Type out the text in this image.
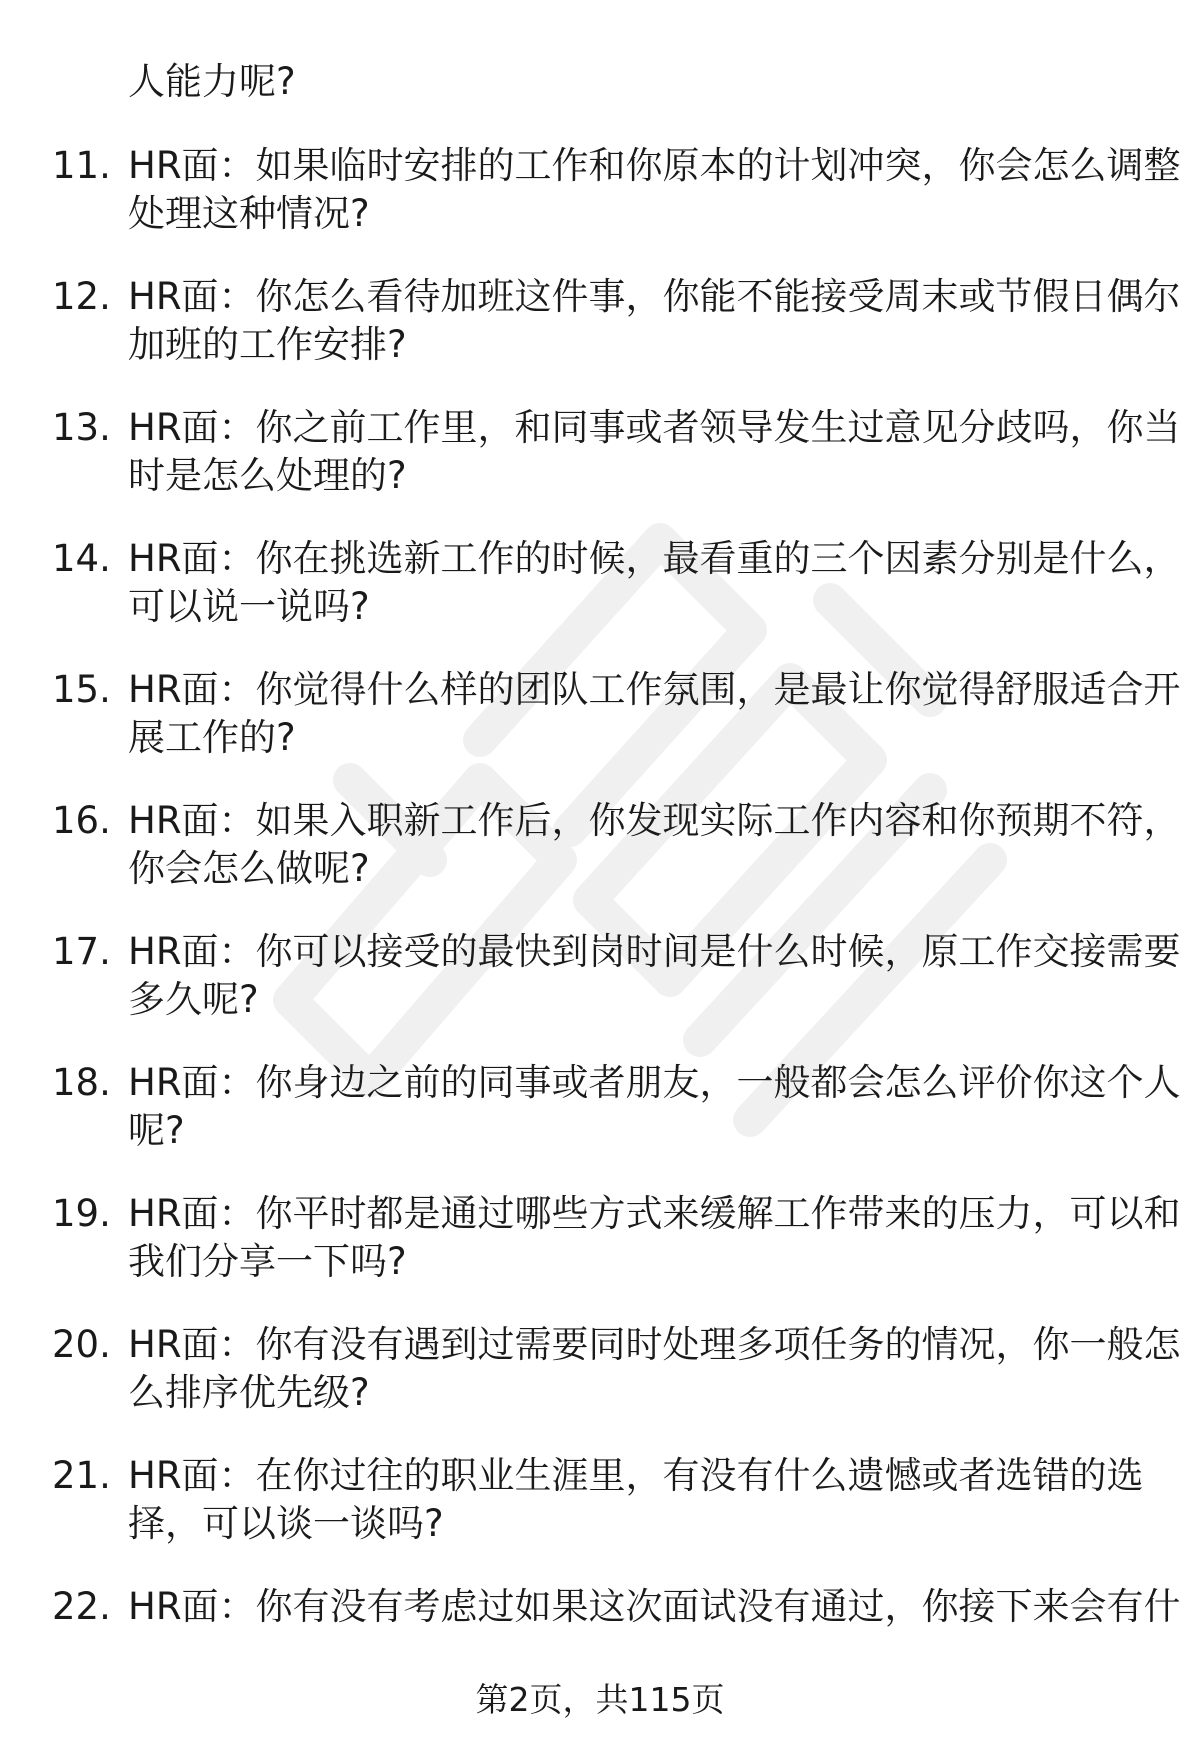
人能力呢?

11. HR面：如果临时安排的工作和你原本的计划冲突，你会怎么调整
处理这种情况?
12. HR面：你怎么看待加班这件事，你能不能接受周末或节假日偶尔
加班的工作安排?
13. HR面：你之前工作里，和同事或者领导发生过意见分歧吗，你当
时是怎么处理的?
14. HR面：你在挑选新工作的时候，最看重的三个因素分别是什么，
可以说一说吗?
15. HR面：你觉得什么样的团队工作氛围，是最让你觉得舒服适合开
展工作的?
16. HR面：如果入职新工作后，你发现实际工作内容和你预期不符，
你会怎么做呢?
17. HR面：你可以接受的最快到岗时间是什么时候，原工作交接需要
多久呢?
18. HR面：你身边之前的同事或者朋友，一般都会怎么评价你这个人
呢?
19. HR面：你平时都是通过哪些方式来缓解工作带来的压力，可以和
我们分享一下吗?
20. HR面：你有没有遇到过需要同时处理多项任务的情况，你一般怎
么排序优先级?
21. HR面：在你过往的职业生涯里，有没有什么遗憾或者选错的选
择，可以谈一谈吗?
22. HR面：你有没有考虑过如果这次面试没有通过，你接下来会有什

第2页，共115页
